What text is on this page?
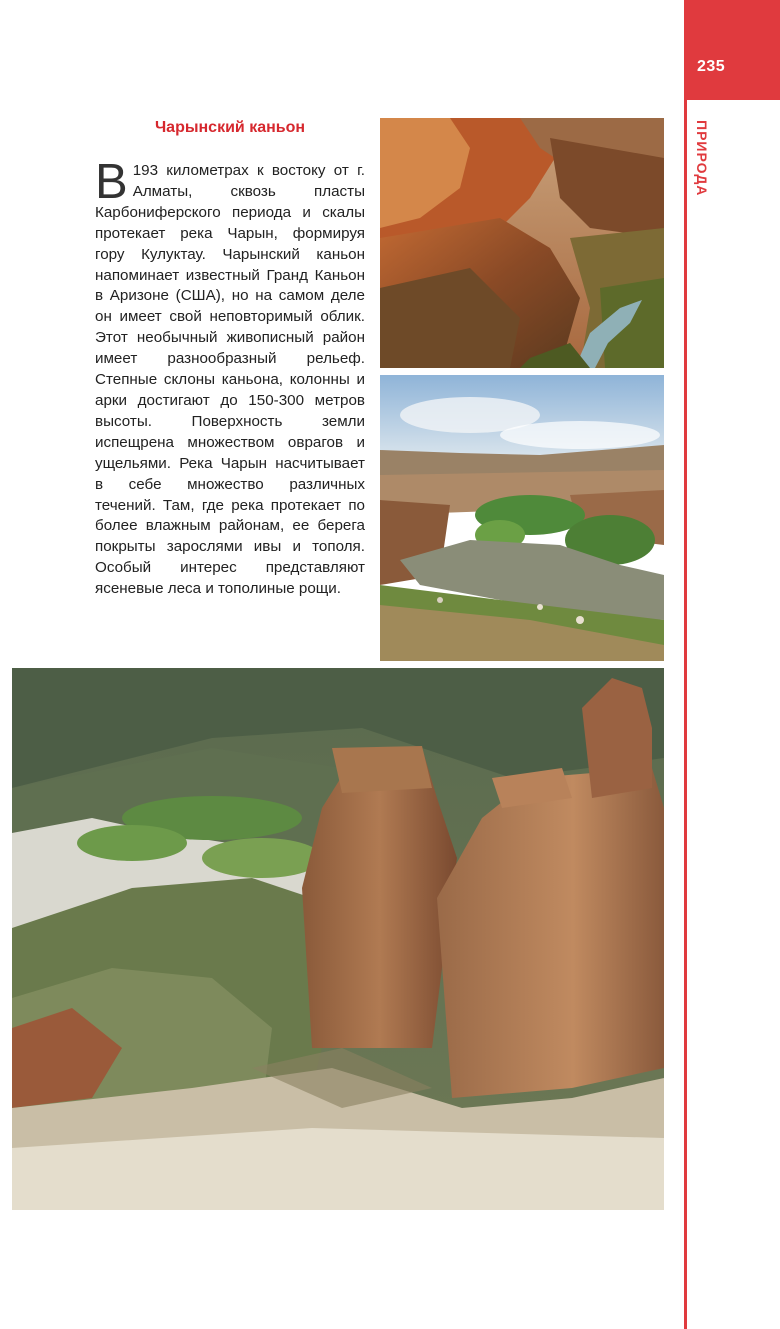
235
ПРИРОДА
Чарынский каньон
В 193 километрах к востоку от г. Алматы, сквозь пласты Карбониферского периода и скалы протекает река Чарын, формируя гору Кулуктау. Чарынский каньон напоминает известный Гранд Каньон в Аризоне (США), но на самом деле он имеет свой неповторимый облик. Этот необычный живописный район имеет разнообразный рельеф. Степные склоны каньона, колонны и арки достигают до 150-300 метров высоты. Поверхность земли испещрена множеством оврагов и ущельями. Река Чарын насчитывает в себе множество различных течений. Там, где река протекает по более влажным районам, ее берега покрыты зарослями ивы и тополя. Особый интерес представляют ясеневые леса и тополиные рощи.
